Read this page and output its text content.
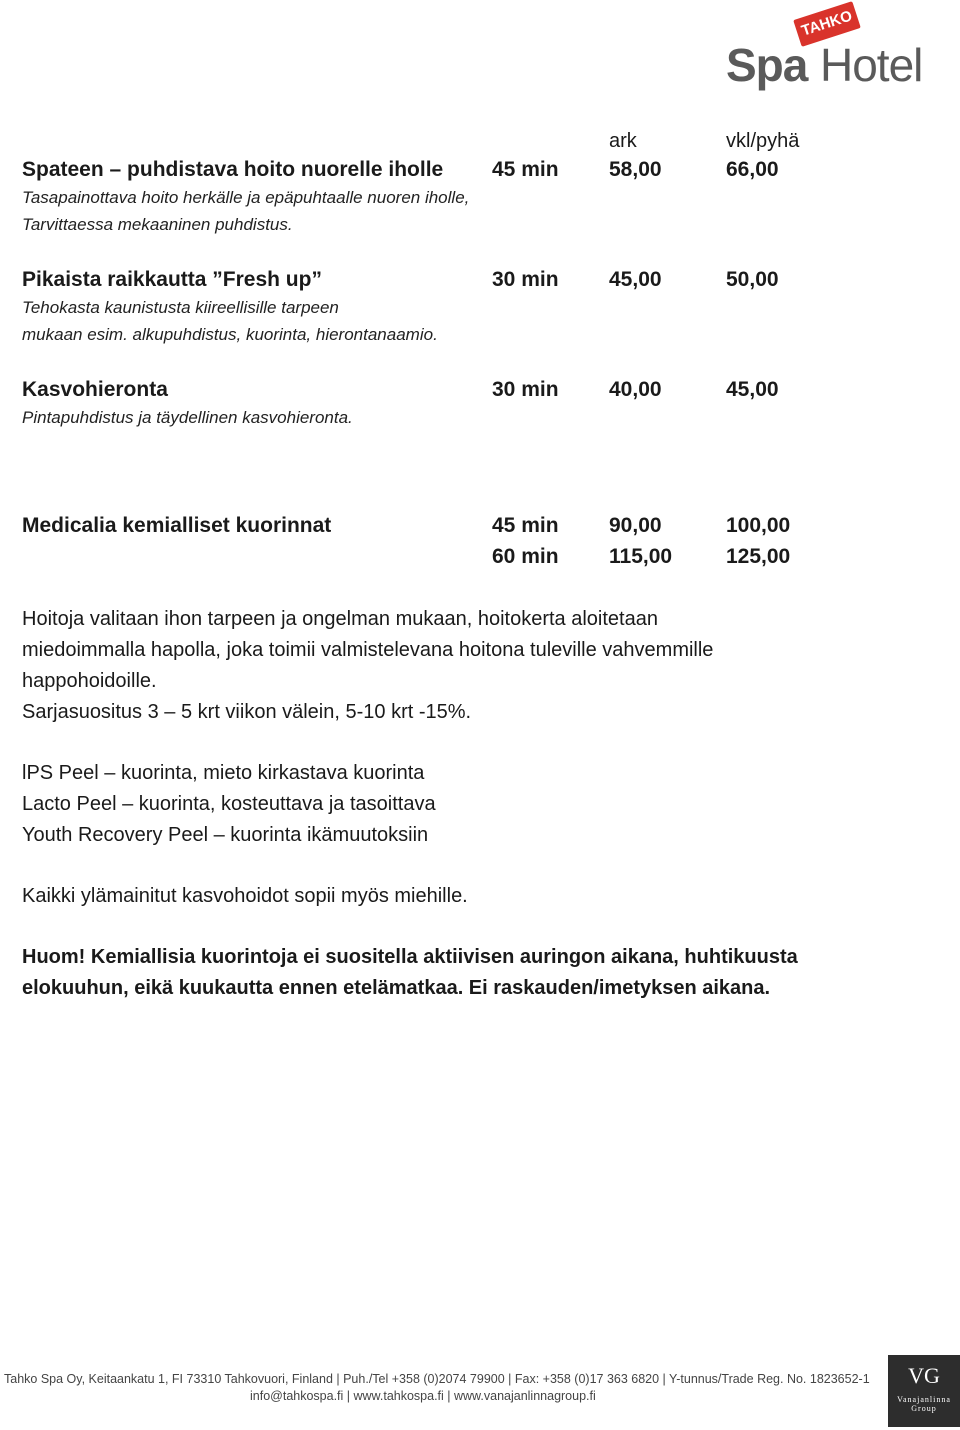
TAHKO
Spa Hotel
ark	vkl/pyhä
Spateen – puhdistava hoito nuorelle iholle 45 min 58,00	66,00
Tasapainottava hoito herkälle ja epäpuhtaalle nuoren iholle,
Tarvittaessa mekaaninen puhdistus.
Pikaista raikkautta ”Fresh up”	30 min 45,00	50,00
Tehokasta kaunistusta kiireellisille tarpeen
mukaan esim. alkupuhdistus, kuorinta, hierontanaamio.
Kasvohieronta	30 min 40,00	45,00
Pintapuhdistus ja täydellinen kasvohieronta.
Medicalia kemialliset kuorinnat	45 min 90,00	100,00
60 min 115,00	125,00
Hoitoja valitaan ihon tarpeen ja ongelman mukaan, hoitokerta aloitetaan
miedoimmalla hapolla, joka toimii valmistelevana hoitona tuleville vahvemmille
happohoidoille.
Sarjasuositus 3 – 5 krt viikon välein, 5-10 krt -15%.
lPS Peel – kuorinta, mieto kirkastava kuorinta
Lacto Peel – kuorinta, kosteuttava ja tasoittava
Youth Recovery Peel – kuorinta ikämuutoksiin
Kaikki ylämainitut kasvohoidot sopii myös miehille.
Huom! Kemiallisia kuorintoja ei suositella aktiivisen auringon aikana, huhtikuusta
elokuuhun, eikä kuukautta ennen etelämatkaa. Ei raskauden/imetyksen aikana.
Tahko Spa Oy, Keitaankatu 1, FI 73310 Tahkovuori, Finland | Puh./Tel +358 (0)2074 79900 | Fax: +358 (0)17 363 6820 | Y-tunnus/Trade Reg. No. 1823652-1
info@tahkospa.fi | www.tahkospa.fi | www.vanajanlinnagroup.fi
VG
Vanajanlinna
Group
